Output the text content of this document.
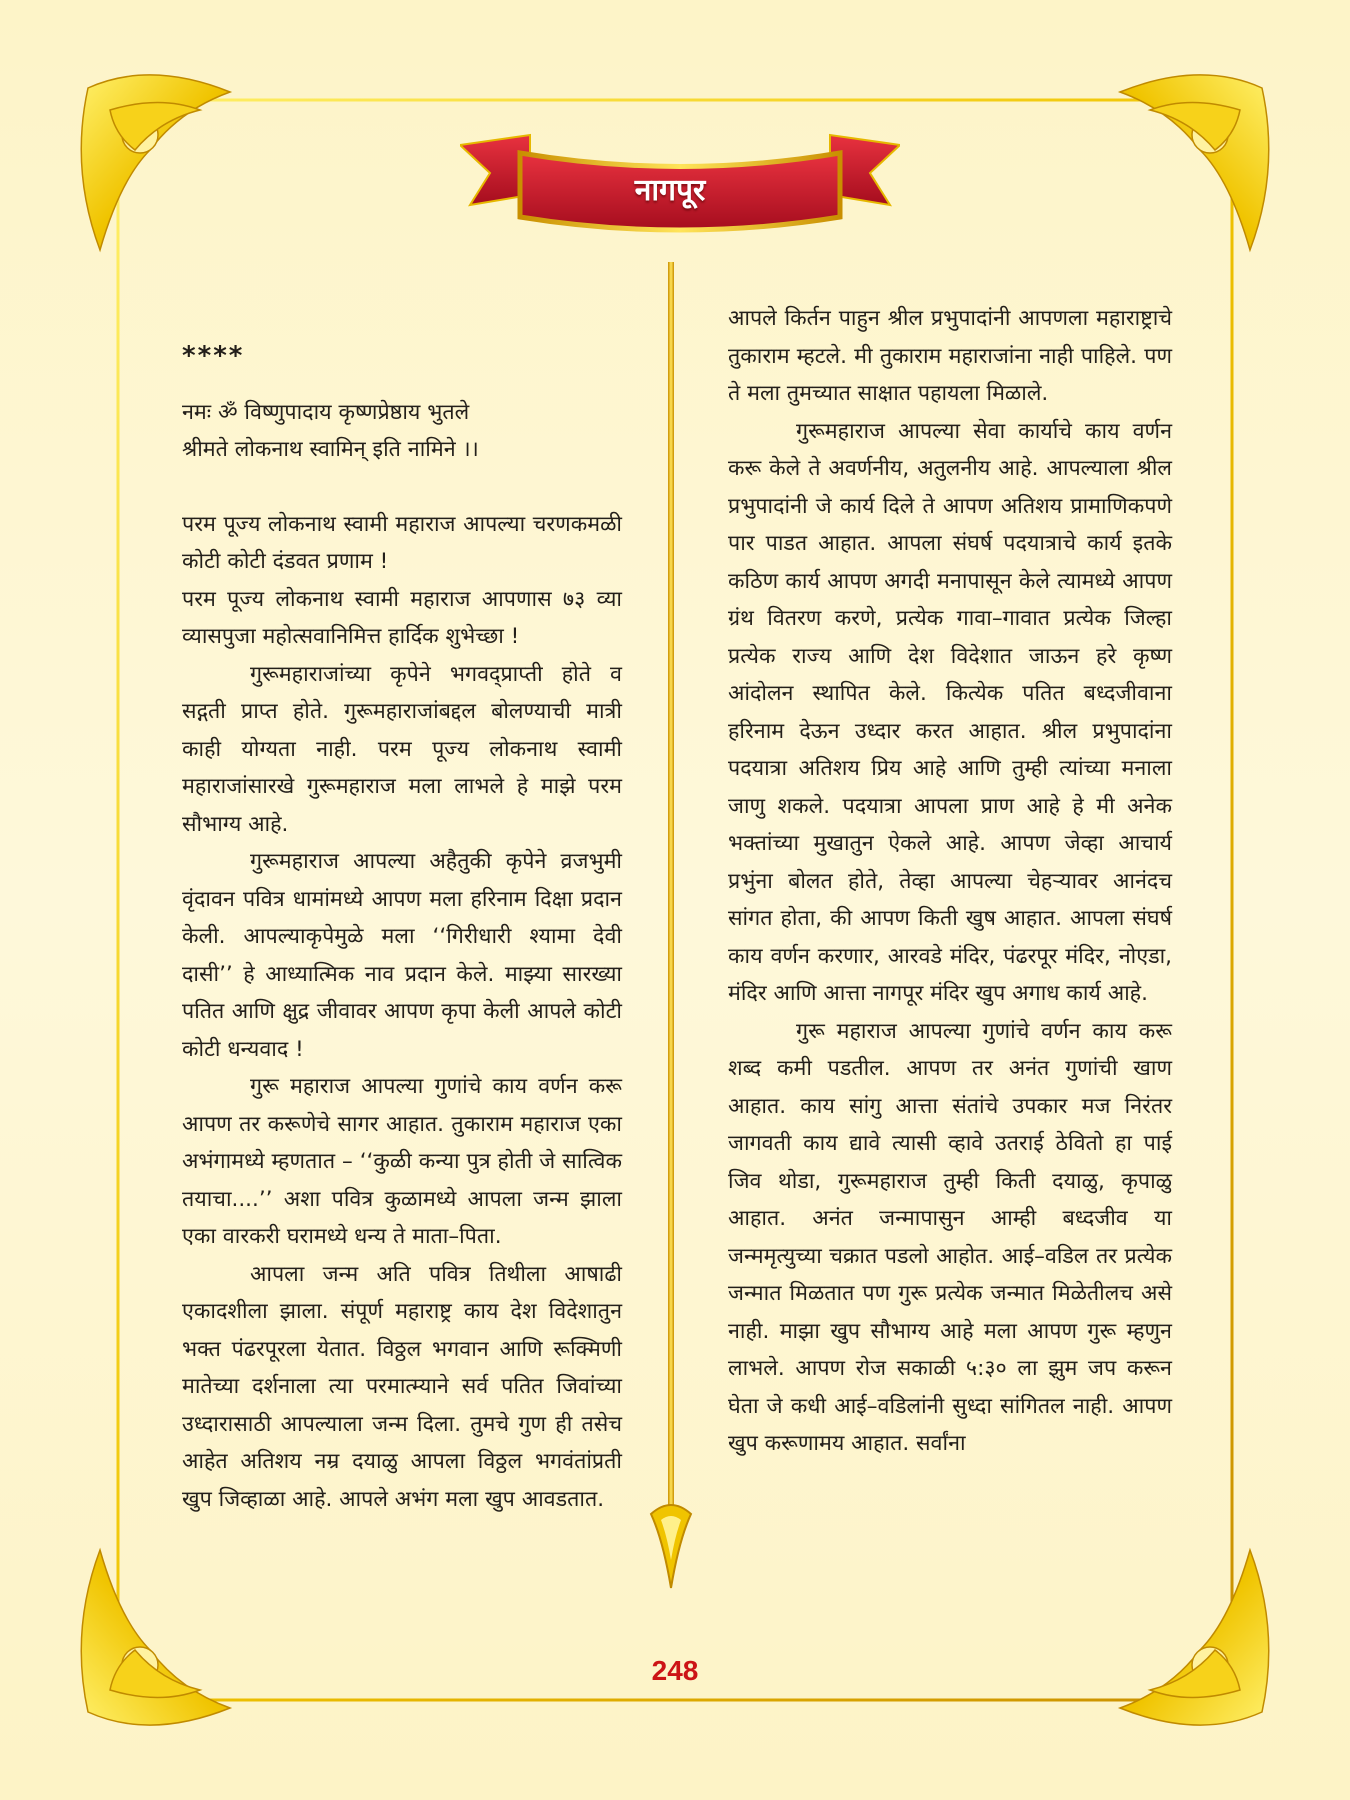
नागपूर

****

नमः ॐ विष्णुपादाय कृष्णप्रेष्ठाय भुतले

श्रीमते लोकनाथ स्वामिन् इति नामिने ।।

परम पूज्य लोकनाथ स्वामी महाराज आपल्या चरणकमळी कोटी कोटी दंडवत प्रणाम !

परम पूज्य लोकनाथ स्वामी महाराज आपणास ७३ व्या व्यासपुजा महोत्सवानिमित्त हार्दिक शुभेच्छा !

गुरूमहाराजांच्या कृपेने भगवद्प्राप्ती होते व सद्गती प्राप्त होते. गुरूमहाराजांबद्दल बोलण्याची मात्री काही योग्यता नाही. परम पूज्य लोकनाथ स्वामी महाराजांसारखे गुरूमहाराज मला लाभले हे माझे परम सौभाग्य आहे.

गुरूमहाराज आपल्या अहैतुकी कृपेने व्रजभुमी वृंदावन पवित्र धामांमध्ये आपण मला हरिनाम दिक्षा प्रदान केली. आपल्याकृपेमुळे मला ‘‘गिरीधारी श्यामा देवी दासी’’ हे आध्यात्मिक नाव प्रदान केले. माझ्या सारख्या पतित आणि क्षुद्र जीवावर आपण कृपा केली आपले कोटी कोटी धन्यवाद !

गुरू महाराज आपल्या गुणांचे काय वर्णन करू आपण तर करूणेचे सागर आहात. तुकाराम महाराज एका अभंगामध्ये म्हणतात – ‘‘कुळी कन्या पुत्र होती जे सात्विक तयाचा....’’ अशा पवित्र कुळामध्ये आपला जन्म झाला एका वारकरी घरामध्ये धन्य ते माता–पिता.

आपला जन्म अति पवित्र तिथीला आषाढी एकादशीला झाला. संपूर्ण महाराष्ट्र काय देश विदेशातुन भक्त पंढरपूरला येतात. विठ्ठल भगवान आणि रूक्मिणी मातेच्या दर्शनाला त्या परमात्म्याने सर्व पतित जिवांच्या उध्दारासाठी आपल्याला जन्म दिला. तुमचे गुण ही तसेच आहेत अतिशय नम्र दयाळु आपला विठ्ठल भगवंतांप्रती खुप जिव्हाळा आहे. आपले अभंग मला खुप आवडतात.

आपले किर्तन पाहुन श्रील प्रभुपादांनी आपणला महाराष्ट्राचे तुकाराम म्हटले. मी तुकाराम महाराजांना नाही पाहिले. पण ते मला तुमच्यात साक्षात पहायला मिळाले.

गुरूमहाराज आपल्या सेवा कार्याचे काय वर्णन करू केले ते अवर्णनीय, अतुलनीय आहे. आपल्याला श्रील प्रभुपादांनी जे कार्य दिले ते आपण अतिशय प्रामाणिकपणे पार पाडत आहात. आपला संघर्ष पदयात्राचे कार्य इतके कठिण कार्य आपण अगदी मनापासून केले त्यामध्ये आपण ग्रंथ वितरण करणे, प्रत्येक गावा–गावात प्रत्येक जिल्हा प्रत्येक राज्य आणि देश विदेशात जाऊन हरे कृष्ण आंदोलन स्थापित केले. कित्येक पतित बध्दजीवाना हरिनाम देऊन उध्दार करत आहात. श्रील प्रभुपादांना पदयात्रा अतिशय प्रिय आहे आणि तुम्ही त्यांच्या मनाला जाणु शकले. पदयात्रा आपला प्राण आहे हे मी अनेक भक्तांच्या मुखातुन ऐकले आहे. आपण जेव्हा आचार्य प्रभुंना बोलत होते, तेव्हा आपल्या चेहऱ्यावर आनंदच सांगत होता, की आपण किती खुष आहात. आपला संघर्ष काय वर्णन करणार, आरवडे मंदिर, पंढरपूर मंदिर, नोएडा, मंदिर आणि आत्ता नागपूर मंदिर खुप अगाध कार्य आहे.

गुरू महाराज आपल्या गुणांचे वर्णन काय करू शब्द कमी पडतील. आपण तर अनंत गुणांची खाण आहात. काय सांगु आत्ता संतांचे उपकार मज निरंतर जागवती काय द्यावे त्यासी व्हावे उतराई ठेवितो हा पाई जिव थोडा, गुरूमहाराज तुम्ही किती दयाळु, कृपाळु आहात. अनंत जन्मापासुन आम्ही बध्दजीव या जन्ममृत्युच्या चक्रात पडलो आहोत. आई–वडिल तर प्रत्येक जन्मात मिळतात पण गुरू प्रत्येक जन्मात मिळेतीलच असे नाही. माझा खुप सौभाग्य आहे मला आपण गुरू म्हणुन लाभले. आपण रोज सकाळी ५:३० ला झुम जप करून घेता जे कधी आई–वडिलांनी सुध्दा सांगितल नाही. आपण खुप करूणामय आहात. सर्वांना

248
